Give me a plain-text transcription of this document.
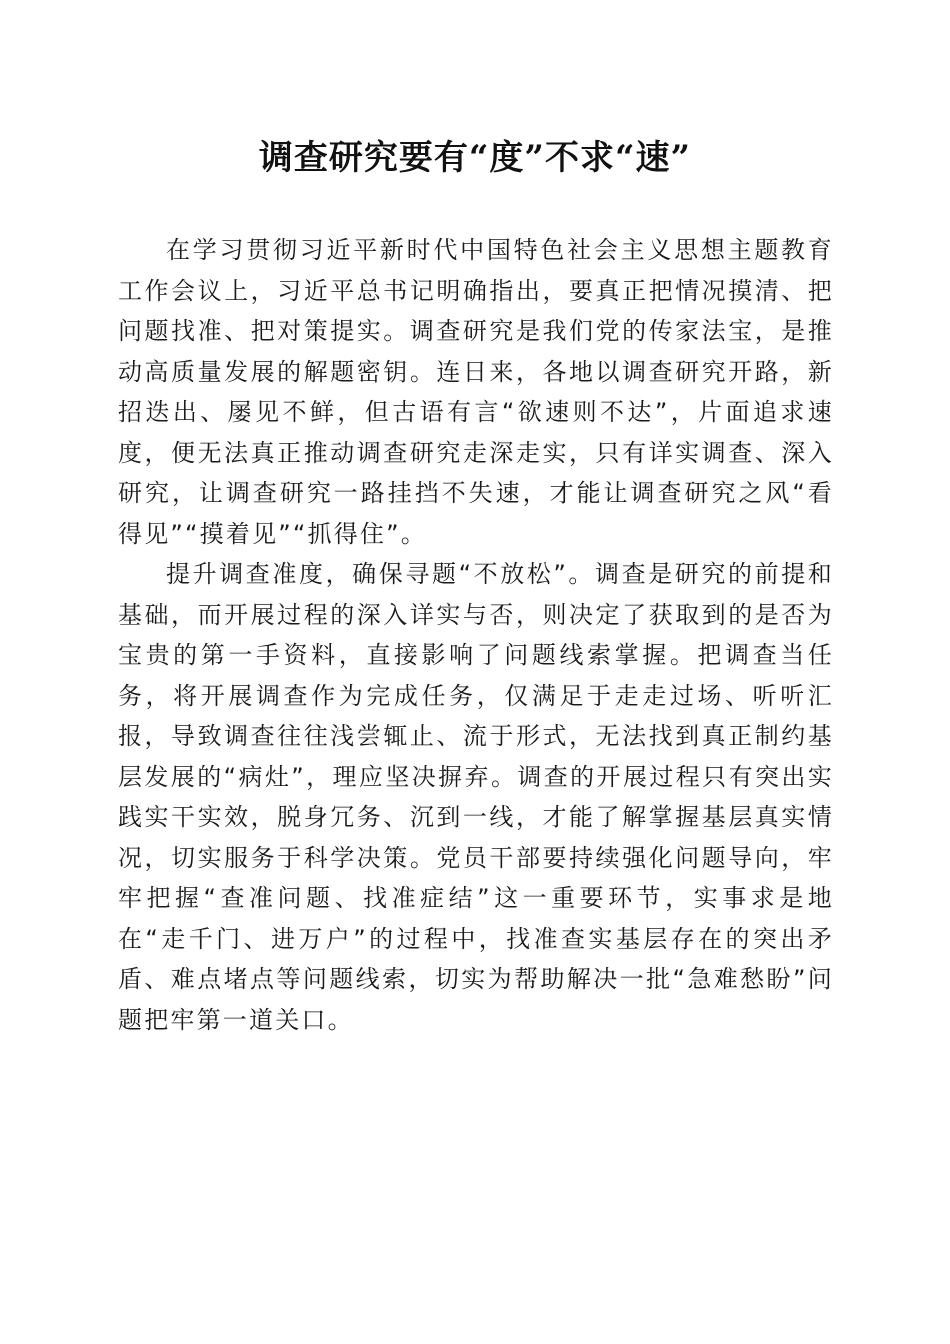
调查研究要有“度”不求“速”

在学习贯彻习近平新时代中国特色社会主义思想主题教育工作会议上，习近平总书记明确指出，要真正把情况摸清、把问题找准、把对策提实。调查研究是我们党的传家法宝，是推动高质量发展的解题密钥。连日来，各地以调查研究开路，新招迭出、屡见不鲜，但古语有言“欲速则不达”，片面追求速度，便无法真正推动调查研究走深走实，只有详实调查、深入研究，让调查研究一路挂挡不失速，才能让调查研究之风“看得见”“摸着见”“抓得住”。

提升调查准度，确保寻题“不放松”。调查是研究的前提和基础，而开展过程的深入详实与否，则决定了获取到的是否为宝贵的第一手资料，直接影响了问题线索掌握。把调查当任务，将开展调查作为完成任务，仅满足于走走过场、听听汇报，导致调查往往浅尝辄止、流于形式，无法找到真正制约基层发展的“病灶”，理应坚决摒弃。调查的开展过程只有突出实践实干实效，脱身冗务、沉到一线，才能了解掌握基层真实情况，切实服务于科学决策。党员干部要持续强化问题导向，牢牢把握“查准问题、找准症结”这一重要环节，实事求是地在“走千门、进万户”的过程中，找准查实基层存在的突出矛盾、难点堵点等问题线索，切实为帮助解决一批“急难愁盼”问题把牢第一道关口。
